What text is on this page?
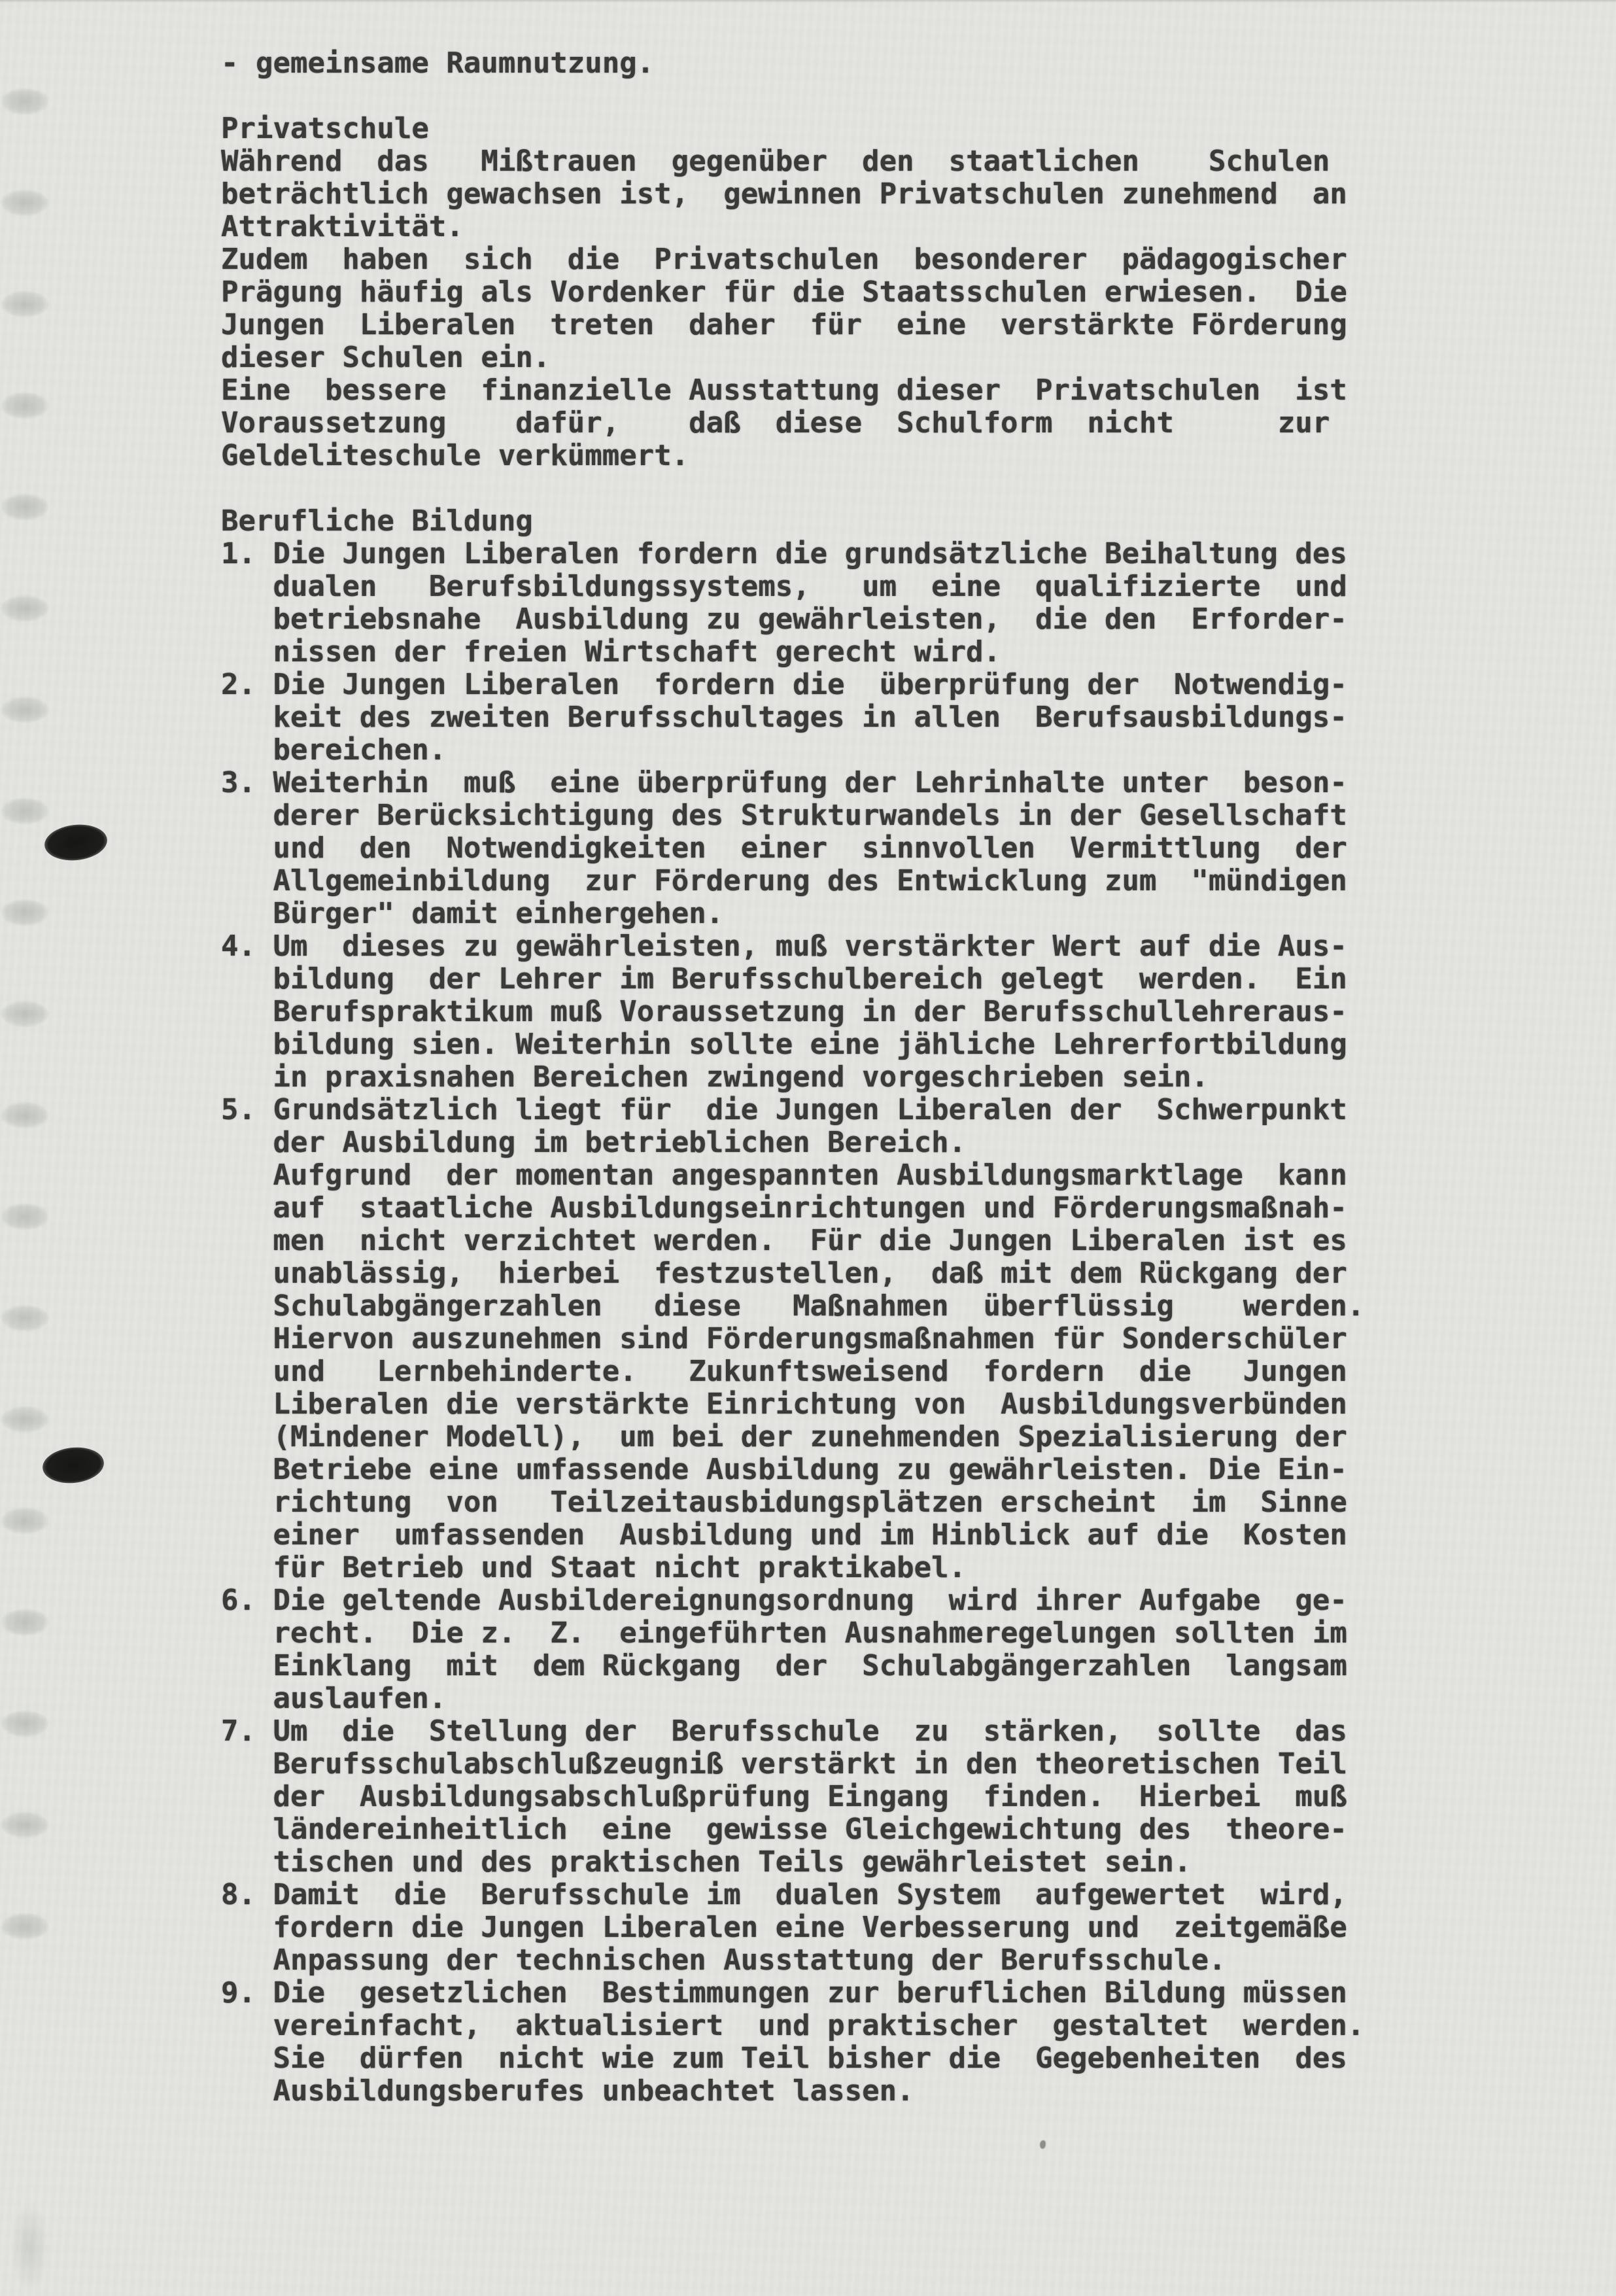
- gemeinsame Raumnutzung.
Privatschule
Während  das   Mißtrauen  gegenüber  den  staatlichen    Schulen
beträchtlich gewachsen ist,  gewinnen Privatschulen zunehmend  an
Attraktivität.
Zudem  haben  sich  die  Privatschulen  besonderer  pädagogischer
Prägung häufig als Vordenker für die Staatsschulen erwiesen.  Die
Jungen  Liberalen  treten  daher  für  eine  verstärkte Förderung
dieser Schulen ein.
Eine  bessere  finanzielle Ausstattung dieser  Privatschulen  ist
Voraussetzung    dafür,    daß  diese  Schulform  nicht      zur
Geldeliteschule verkümmert.
Berufliche Bildung
1. Die Jungen Liberalen fordern die grundsätzliche Beihaltung des
dualen   Berufsbildungssystems,   um  eine  qualifizierte  und
betriebsnahe  Ausbildung zu gewährleisten,  die den  Erforder-
nissen der freien Wirtschaft gerecht wird.
2. Die Jungen Liberalen  fordern die  überprüfung der  Notwendig-
keit des zweiten Berufsschultages in allen  Berufsausbildungs-
bereichen.
3. Weiterhin  muß  eine überprüfung der Lehrinhalte unter  beson-
derer Berücksichtigung des Strukturwandels in der Gesellschaft
und  den  Notwendigkeiten  einer  sinnvollen  Vermittlung  der
Allgemeinbildung  zur Förderung des Entwicklung zum  "mündigen
Bürger" damit einhergehen.
4. Um  dieses zu gewährleisten, muß verstärkter Wert auf die Aus-
bildung  der Lehrer im Berufsschulbereich gelegt  werden.  Ein
Berufspraktikum muß Voraussetzung in der Berufsschullehreraus-
bildung sien. Weiterhin sollte eine jähliche Lehrerfortbildung
in praxisnahen Bereichen zwingend vorgeschrieben sein.
5. Grundsätzlich liegt für  die Jungen Liberalen der  Schwerpunkt
der Ausbildung im betrieblichen Bereich.
Aufgrund  der momentan angespannten Ausbildungsmarktlage  kann
auf  staatliche Ausbildungseinrichtungen und Förderungsmaßnah-
men  nicht verzichtet werden.  Für die Jungen Liberalen ist es
unablässig,  hierbei  festzustellen,  daß mit dem Rückgang der
Schulabgängerzahlen   diese   Maßnahmen  überflüssig    werden.
Hiervon auszunehmen sind Förderungsmaßnahmen für Sonderschüler
und   Lernbehinderte.   Zukunftsweisend  fordern  die   Jungen
Liberalen die verstärkte Einrichtung von  Ausbildungsverbünden
(Mindener Modell),  um bei der zunehmenden Spezialisierung der
Betriebe eine umfassende Ausbildung zu gewährleisten. Die Ein-
richtung  von   Teilzeitausbidungsplätzen erscheint  im  Sinne
einer  umfassenden  Ausbildung und im Hinblick auf die  Kosten
für Betrieb und Staat nicht praktikabel.
6. Die geltende Ausbildereignungsordnung  wird ihrer Aufgabe  ge-
recht.  Die z.  Z.  eingeführten Ausnahmeregelungen sollten im
Einklang  mit  dem Rückgang  der  Schulabgängerzahlen  langsam
auslaufen.
7. Um  die  Stellung der  Berufsschule  zu  stärken,  sollte  das
Berufsschulabschlußzeugniß verstärkt in den theoretischen Teil
der  Ausbildungsabschlußprüfung Eingang  finden.  Hierbei  muß
ländereinheitlich  eine  gewisse Gleichgewichtung des  theore-
tischen und des praktischen Teils gewährleistet sein.
8. Damit  die  Berufsschule im  dualen System  aufgewertet  wird,
fordern die Jungen Liberalen eine Verbesserung und  zeitgemäße
Anpassung der technischen Ausstattung der Berufsschule.
9. Die  gesetzlichen  Bestimmungen zur beruflichen Bildung müssen
vereinfacht,  aktualisiert  und praktischer  gestaltet  werden.
Sie  dürfen  nicht wie zum Teil bisher die  Gegebenheiten  des
Ausbildungsberufes unbeachtet lassen.
